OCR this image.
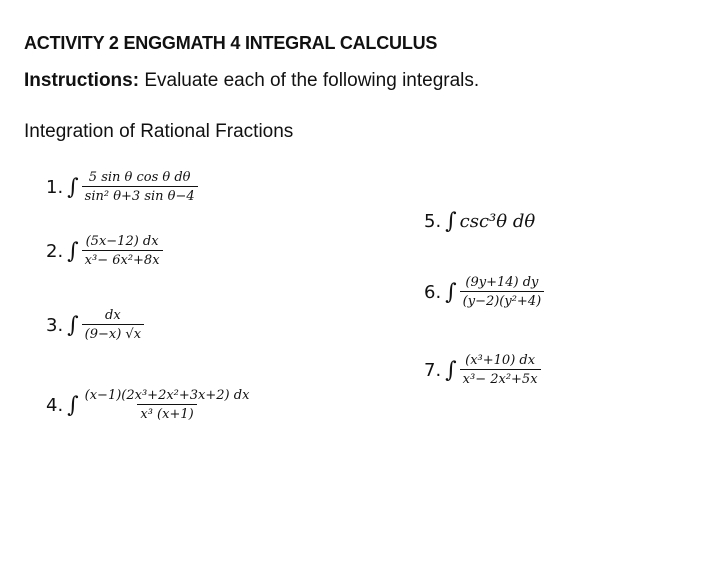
ACTIVITY 2 ENGGMATH 4 INTEGRAL CALCULUS
Instructions: Evaluate each of the following integrals.
Integration of Rational Fractions
1. ∫ $\frac{\text{5 sin θ cos θ dθ}}{\text{sin² θ+3 sin θ−4}}$
2. ∫ $\frac{(5x-12) dx}{\text{x³− 6x²+8x}}$
3. ∫ $\frac{dx}{(9-x) √x}$
4. ∫ $\frac{\text{(x−1)(2x³+2x²+3x+2) dx}}{\text{x³ (x+1)}}$
5. ∫ csc³θ dθ
6. ∫ $\frac{(9y+14) dy}{\text{(y−2)(y²+4)}}$
7. ∫ $\frac{\text{(x³+10) dx}}{\text{x³− 2x²+5x}}$
